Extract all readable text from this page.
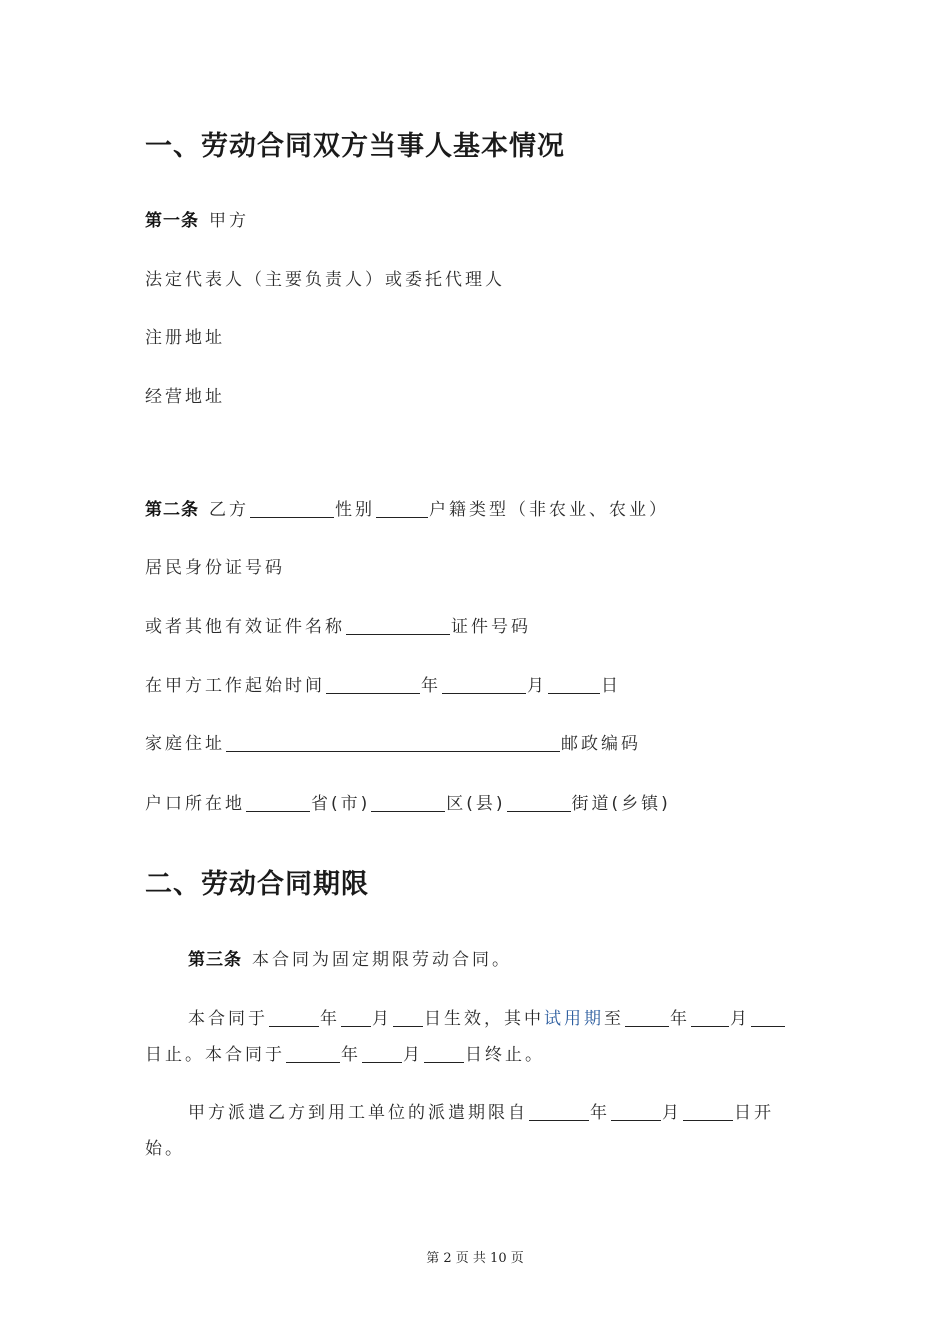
一、劳动合同双方当事人基本情况
第一条 甲方
法定代表人（主要负责人）或委托代理人
注册地址
经营地址
第二条 乙方	性别	户籍类型（非农业、农业）
居民身份证号码
或者其他有效证件名称	证件号码
在甲方工作起始时间	年	月	日
家庭住址	邮政编码
户口所在地	省(市)	区(县)	街道(乡镇)
二、劳动合同期限
第三条 本合同为固定期限劳动合同。
本合同于	年 月 日生效，其中试用期至	年 月
日止。本合同于	年 月 日终止。
甲方派遣乙方到用工单位的派遣期限自	年	月	日开
始。
第 2 页 共 10 页
